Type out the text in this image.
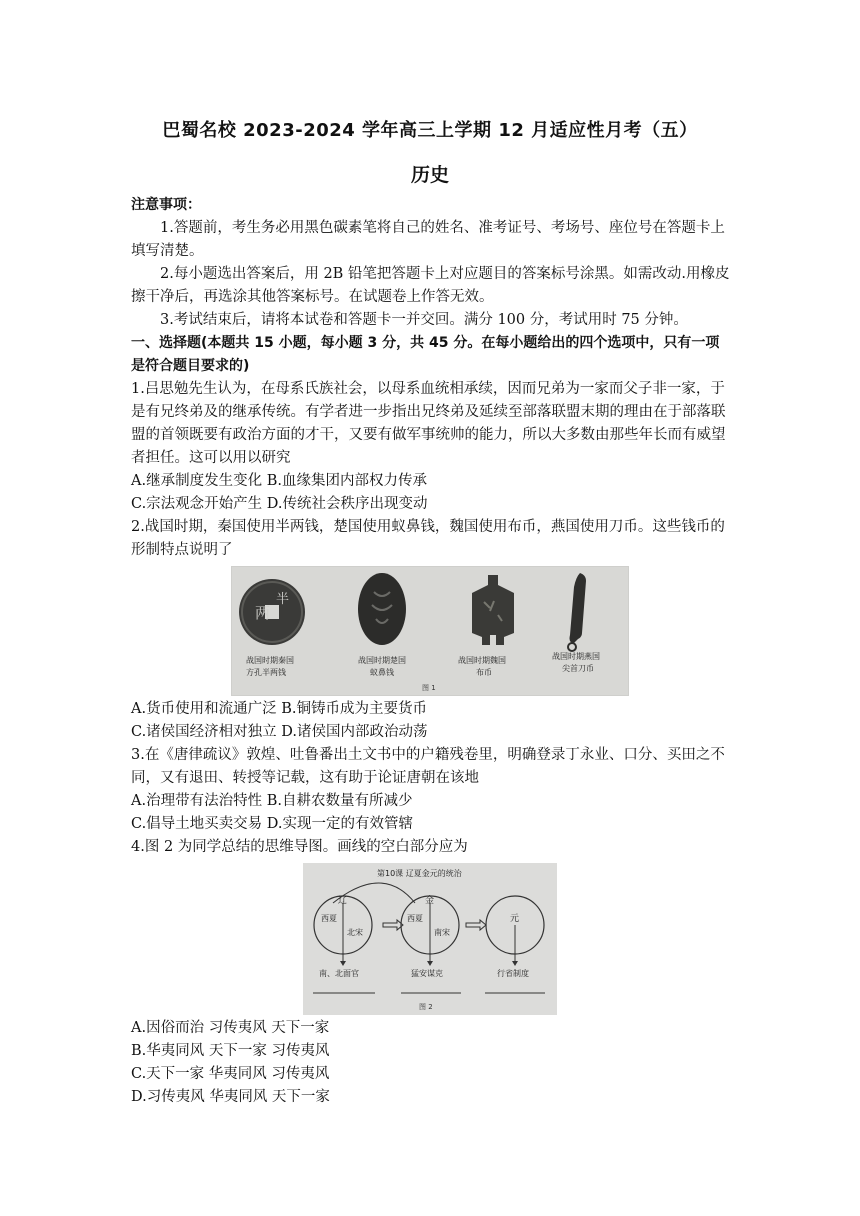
巴蜀名校 2023-2024 学年高三上学期 12 月适应性月考（五）
历史

注意事项：

1.答题前，考生务必用黑色碳素笔将自己的姓名、准考证号、考场号、座位号在答题卡上填写清楚。

2.每小题选出答案后，用 2B 铅笔把答题卡上对应题目的答案标号涂黑。如需改动.用橡皮擦干净后，再选涂其他答案标号。在试题卷上作答无效。

3.考试结束后，请将本试卷和答题卡一并交回。满分 100 分，考试用时 75 分钟。

一、选择题(本题共 15 小题，每小题 3 分，共 45 分。在每小题给出的四个选项中，只有一项是符合题目要求的)

1.吕思勉先生认为，在母系氏族社会，以母系血统相承续，因而兄弟为一家而父子非一家，于是有兄终弟及的继承传统。有学者进一步指出兄终弟及延续至部落联盟末期的理由在于部落联盟的首领既要有政治方面的才干，又要有做军事统帅的能力，所以大多数由那些年长而有威望者担任。这可以用以研究

A.继承制度发生变化 B.血缘集团内部权力传承

C.宗法观念开始产生 D.传统社会秩序出现变动

2.战国时期，秦国使用半两钱，楚国使用蚁鼻钱，魏国使用布币，燕国使用刀币。这些钱币的形制特点说明了

两
半
战国时期秦国
方孔半两钱
战国时期楚国
蚁鼻钱
战国时期魏国
布币
战国时期燕国
尖首刀币
图 1

A.货币使用和流通广泛 B.铜铸币成为主要货币

C.诸侯国经济相对独立 D.诸侯国内部政治动荡

3.在《唐律疏议》敦煌、吐鲁番出土文书中的户籍残卷里，明确登录丁永业、口分、买田之不同，又有退田、转授等记载，这有助于论证唐朝在该地

A.治理带有法治特性 B.自耕农数量有所减少

C.倡导土地买卖交易 D.实现一定的有效管辖

4.图 2 为同学总结的思维导图。画线的空白部分应为

第10课 辽夏金元的统治
辽
西夏
北宋
南、北面官
金
西夏
南宋
猛安谋克
元
行省制度
图 2

A.因俗而治 习传夷风 天下一家

B.华夷同风 天下一家 习传夷风

C.天下一家 华夷同风 习传夷风

D.习传夷风 华夷同风 天下一家
